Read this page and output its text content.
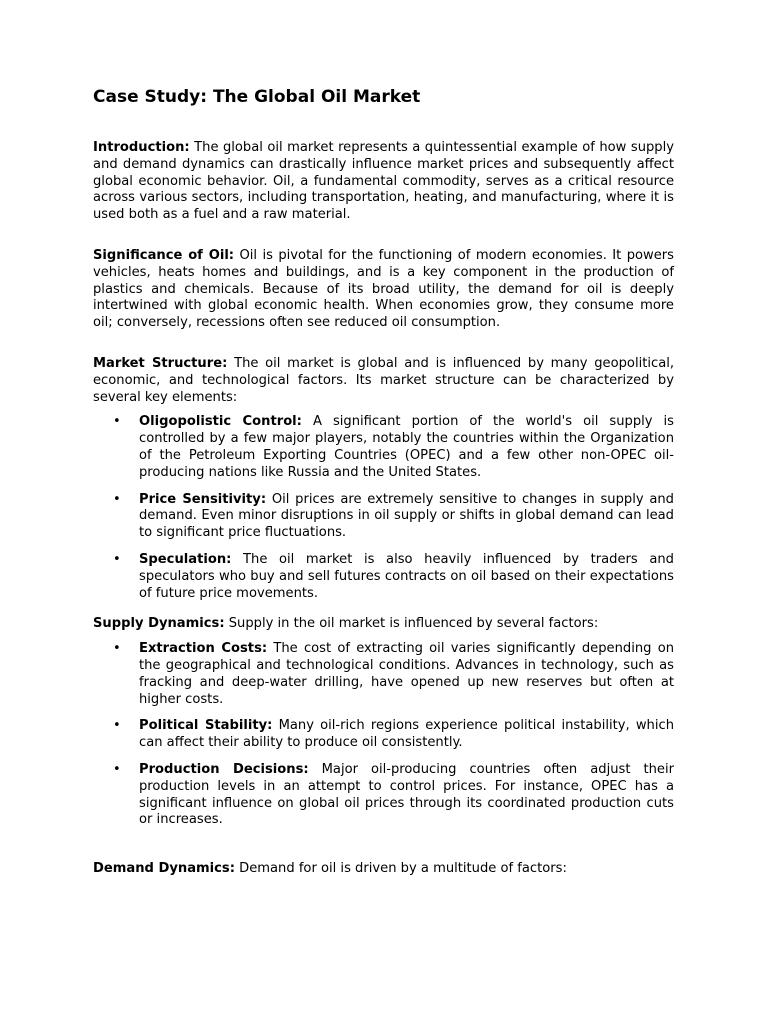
Case Study: The Global Oil Market

Introduction: The global oil market represents a quintessential example of how supply and demand dynamics can drastically influence market prices and subsequently affect global economic behavior. Oil, a fundamental commodity, serves as a critical resource across various sectors, including transportation, heating, and manufacturing, where it is used both as a fuel and a raw material.

Significance of Oil: Oil is pivotal for the functioning of modern economies. It powers vehicles, heats homes and buildings, and is a key component in the production of plastics and chemicals. Because of its broad utility, the demand for oil is deeply intertwined with global economic health. When economies grow, they consume more oil; conversely, recessions often see reduced oil consumption.

Market Structure: The oil market is global and is influenced by many geopolitical, economic, and technological factors. Its market structure can be characterized by several key elements:

• Oligopolistic Control: A significant portion of the world's oil supply is controlled by a few major players, notably the countries within the Organization of the Petroleum Exporting Countries (OPEC) and a few other non-OPEC oil-producing nations like Russia and the United States.
• Price Sensitivity: Oil prices are extremely sensitive to changes in supply and demand. Even minor disruptions in oil supply or shifts in global demand can lead to significant price fluctuations.
• Speculation: The oil market is also heavily influenced by traders and speculators who buy and sell futures contracts on oil based on their expectations of future price movements.

Supply Dynamics: Supply in the oil market is influenced by several factors:

• Extraction Costs: The cost of extracting oil varies significantly depending on the geographical and technological conditions. Advances in technology, such as fracking and deep-water drilling, have opened up new reserves but often at higher costs.
• Political Stability: Many oil-rich regions experience political instability, which can affect their ability to produce oil consistently.
• Production Decisions: Major oil-producing countries often adjust their production levels in an attempt to control prices. For instance, OPEC has a significant influence on global oil prices through its coordinated production cuts or increases.

Demand Dynamics: Demand for oil is driven by a multitude of factors:
